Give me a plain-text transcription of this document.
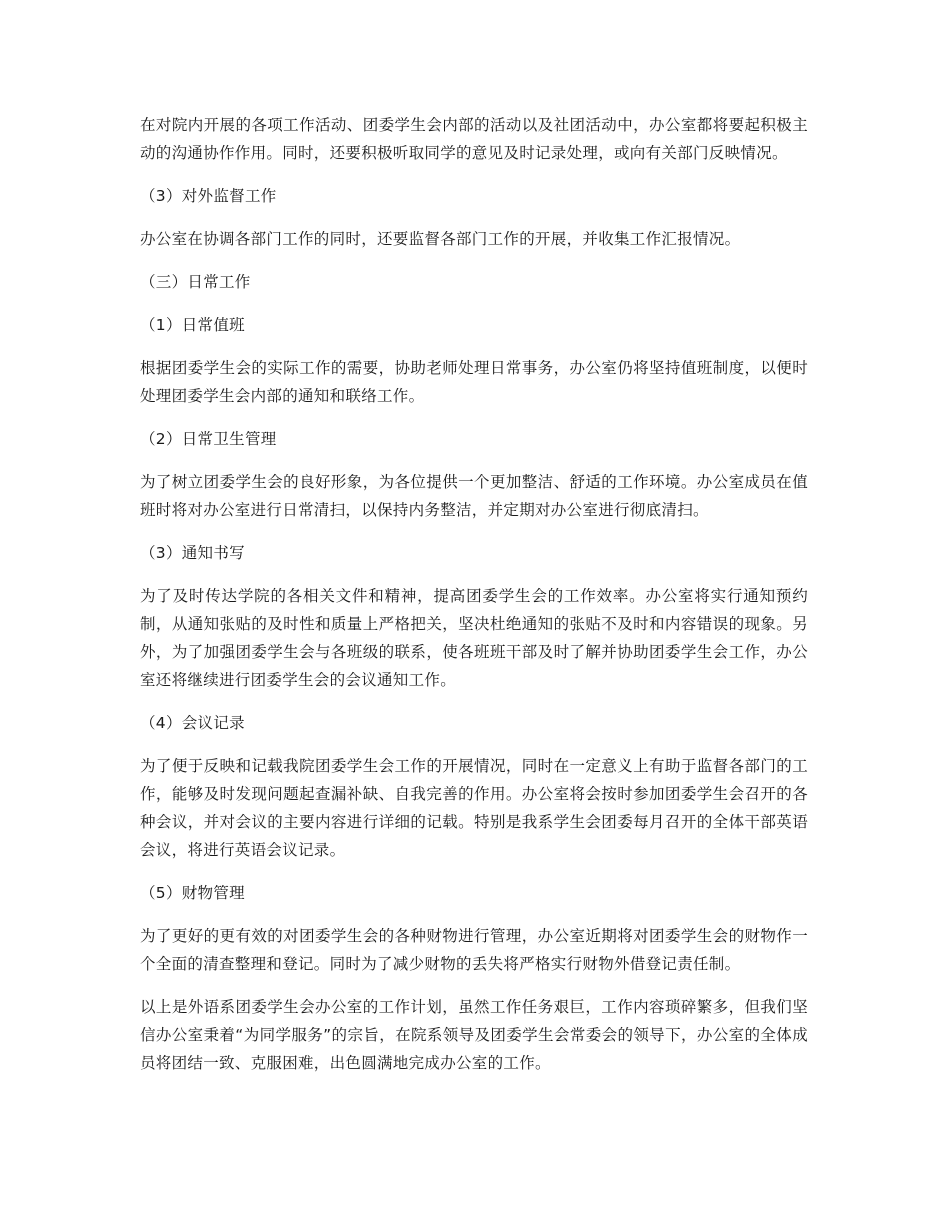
在对院内开展的各项工作活动、团委学生会内部的活动以及社团活动中，办公室都将要起积极主动的沟通协作作用。同时，还要积极听取同学的意见及时记录处理，或向有关部门反映情况。

（3）对外监督工作

办公室在协调各部门工作的同时，还要监督各部门工作的开展，并收集工作汇报情况。

（三）日常工作

（1）日常值班

根据团委学生会的实际工作的需要，协助老师处理日常事务，办公室仍将坚持值班制度，以便时处理团委学生会内部的通知和联络工作。

（2）日常卫生管理

为了树立团委学生会的良好形象，为各位提供一个更加整洁、舒适的工作环境。办公室成员在值班时将对办公室进行日常清扫，以保持内务整洁，并定期对办公室进行彻底清扫。

（3）通知书写

为了及时传达学院的各相关文件和精神，提高团委学生会的工作效率。办公室将实行通知预约制，从通知张贴的及时性和质量上严格把关，坚决杜绝通知的张贴不及时和内容错误的现象。另外，为了加强团委学生会与各班级的联系，使各班班干部及时了解并协助团委学生会工作，办公室还将继续进行团委学生会的会议通知工作。

（4）会议记录

为了便于反映和记载我院团委学生会工作的开展情况，同时在一定意义上有助于监督各部门的工作，能够及时发现问题起查漏补缺、自我完善的作用。办公室将会按时参加团委学生会召开的各种会议，并对会议的主要内容进行详细的记载。特别是我系学生会团委每月召开的全体干部英语会议，将进行英语会议记录。

（5）财物管理

为了更好的更有效的对团委学生会的各种财物进行管理，办公室近期将对团委学生会的财物作一个全面的清查整理和登记。同时为了减少财物的丢失将严格实行财物外借登记责任制。

以上是外语系团委学生会办公室的工作计划，虽然工作任务艰巨，工作内容琐碎繁多，但我们坚信办公室秉着“为同学服务”的宗旨，在院系领导及团委学生会常委会的领导下，办公室的全体成员将团结一致、克服困难，出色圆满地完成办公室的工作。
